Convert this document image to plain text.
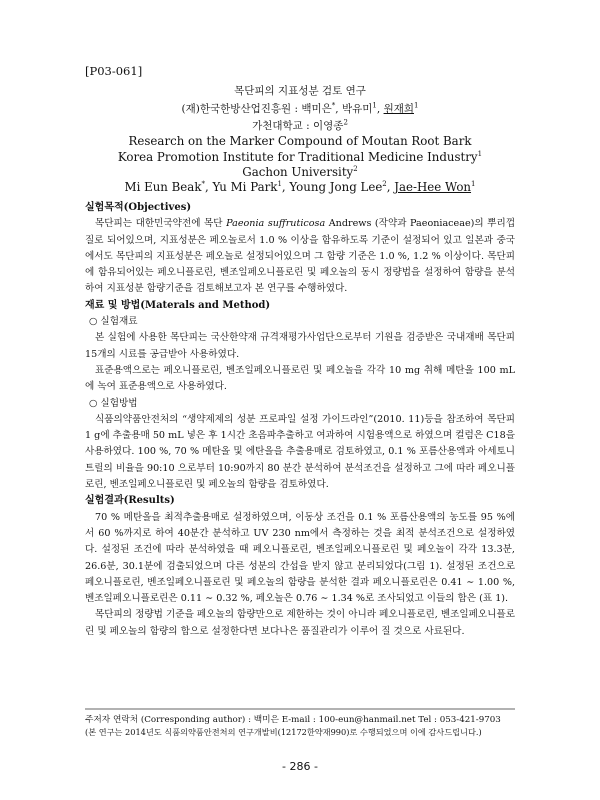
[P03-061]
목단피의 지표성분 검토 연구
(재)한국한방산업진흥원 : 백미은*, 박유미$^1$, 원재희$^1$
가천대학교 : 이영종$^2$
Research on the Marker Compound of Moutan Root Bark
Korea Promotion Institute for Traditional Medicine Industry$^1$
Gachon University$^2$
Mi Eun Beak*, Yu Mi Park$^1$, Young Jong Lee$^2$, Jae-Hee Won$^1$

실험목적(Objectives)

목단피는 대한민국약전에 목단 Paeonia suffruticosa Andrews (작약과 Paeoniaceae)의 뿌리껍질로 되어있으며, 지표성분은 페오놀로서 1.0 % 이상을 함유하도록 기준이 설정되어 있고 일본과 중국에서도 목단피의 지표성분은 페오놀로 설정되어있으며 그 함량 기준은 1.0 %, 1.2 % 이상이다. 목단피에 함유되어있는 페오니플로린, 벤조일페오니플로린 및 페오놀의 동시 정량법을 설정하여 함량을 분석하여 지표성분 함량기준을 검토해보고자 본 연구를 수행하였다.

재료 및 방법(Materals and Method)

○ 실험재료

본 실험에 사용한 목단피는 국산한약재 규격재평가사업단으로부터 기원을 검증받은 국내재배 목단피 15개의 시료를 공급받아 사용하였다.

표준용액으로는 페오니플로린, 벤조일페오니플로린 및 페오놀을 각각 10 mg 취해 메탄올 100 mL에 녹여 표준용액으로 사용하였다.

○ 실험방법

식품의약품안전처의 “생약제제의 성분 프로파일 설정 가이드라인”(2010. 11)등을 참조하여 목단피 1 g에 추출용매 50 mL 넣은 후 1시간 초음파추출하고 여과하여 시험용액으로 하였으며 컬럼은 C18을 사용하였다. 100 %, 70 % 메탄올 및 에탄올을 추출용매로 검토하였고, 0.1 % 포름산용액과 아세토니트릴의 비율을 90:10 으로부터 10:90까지 80 분간 분석하여 분석조건을 설정하고 그에 따라 페오니플로린, 벤조일페오니플로린 및 페오놀의 함량을 검토하였다.

실험결과(Results)

70 % 메탄올을 최적추출용매로 설정하였으며, 이동상 조건을 0.1 % 포름산용액의 농도를 95 %에서 60 %까지로 하여 40분간 분석하고 UV 230 nm에서 측정하는 것을 최적 분석조건으로 설정하였다. 설정된 조건에 따라 분석하였을 때 페오니플로린, 벤조일페오니플로린 및 페오놀이 각각 13.3분, 26.6분, 30.1분에 검출되었으며 다른 성분의 간섭을 받지 않고 분리되었다(그림 1). 설정된 조건으로 페오니플로린, 벤조일페오니플로린 및 페오놀의 함량을 분석한 결과 페오니플로린은 0.41 ∼ 1.00 %, 벤조일페오니플로린은 0.11 ∼ 0.32 %, 페오놀은 0.76 ∼ 1.34 %로 조사되었고 이들의 합은 (표 1).

목단피의 정량법 기준을 페오놀의 함량만으로 제한하는 것이 아니라 페오니플로린, 벤조일페오니플로린 및 페오놀의 함량의 합으로 설정한다면 보다나은 품질관리가 이루어 질 것으로 사료된다.

주저자 연락처 (Corresponding author) : 백미은 E-mail : 100-eun@hanmail.net Tel : 053-421-9703
(본 연구는 2014년도 식품의약품안전처의 연구개발비(12172한약재990)로 수행되었으며 이에 감사드립니다.)
- 286 -
